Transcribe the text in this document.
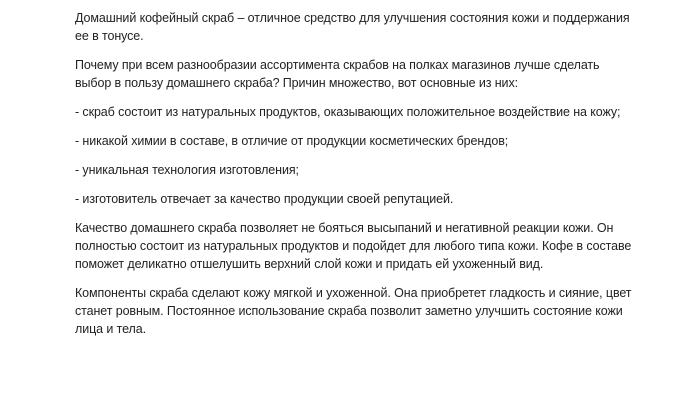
Домашний кофейный скраб – отличное средство для улучшения состояния кожи и поддержания ее в тонусе.

Почему при всем разнообразии ассортимента скрабов на полках магазинов лучше сделать выбор в пользу домашнего скраба? Причин множество, вот основные из них:

- скраб состоит из натуральных продуктов, оказывающих положительное воздействие на кожу;

- никакой химии в составе, в отличие от продукции косметических брендов;

- уникальная технология изготовления;

- изготовитель отвечает за качество продукции своей репутацией.

Качество домашнего скраба позволяет не бояться высыпаний и негативной реакции кожи. Он полностью состоит из натуральных продуктов и подойдет для любого типа кожи. Кофе в составе поможет деликатно отшелушить верхний слой кожи и придать ей ухоженный вид.

Компоненты скраба сделают кожу мягкой и ухоженной. Она приобретет гладкость и сияние, цвет станет ровным. Постоянное использование скраба позволит заметно улучшить состояние кожи лица и тела.
